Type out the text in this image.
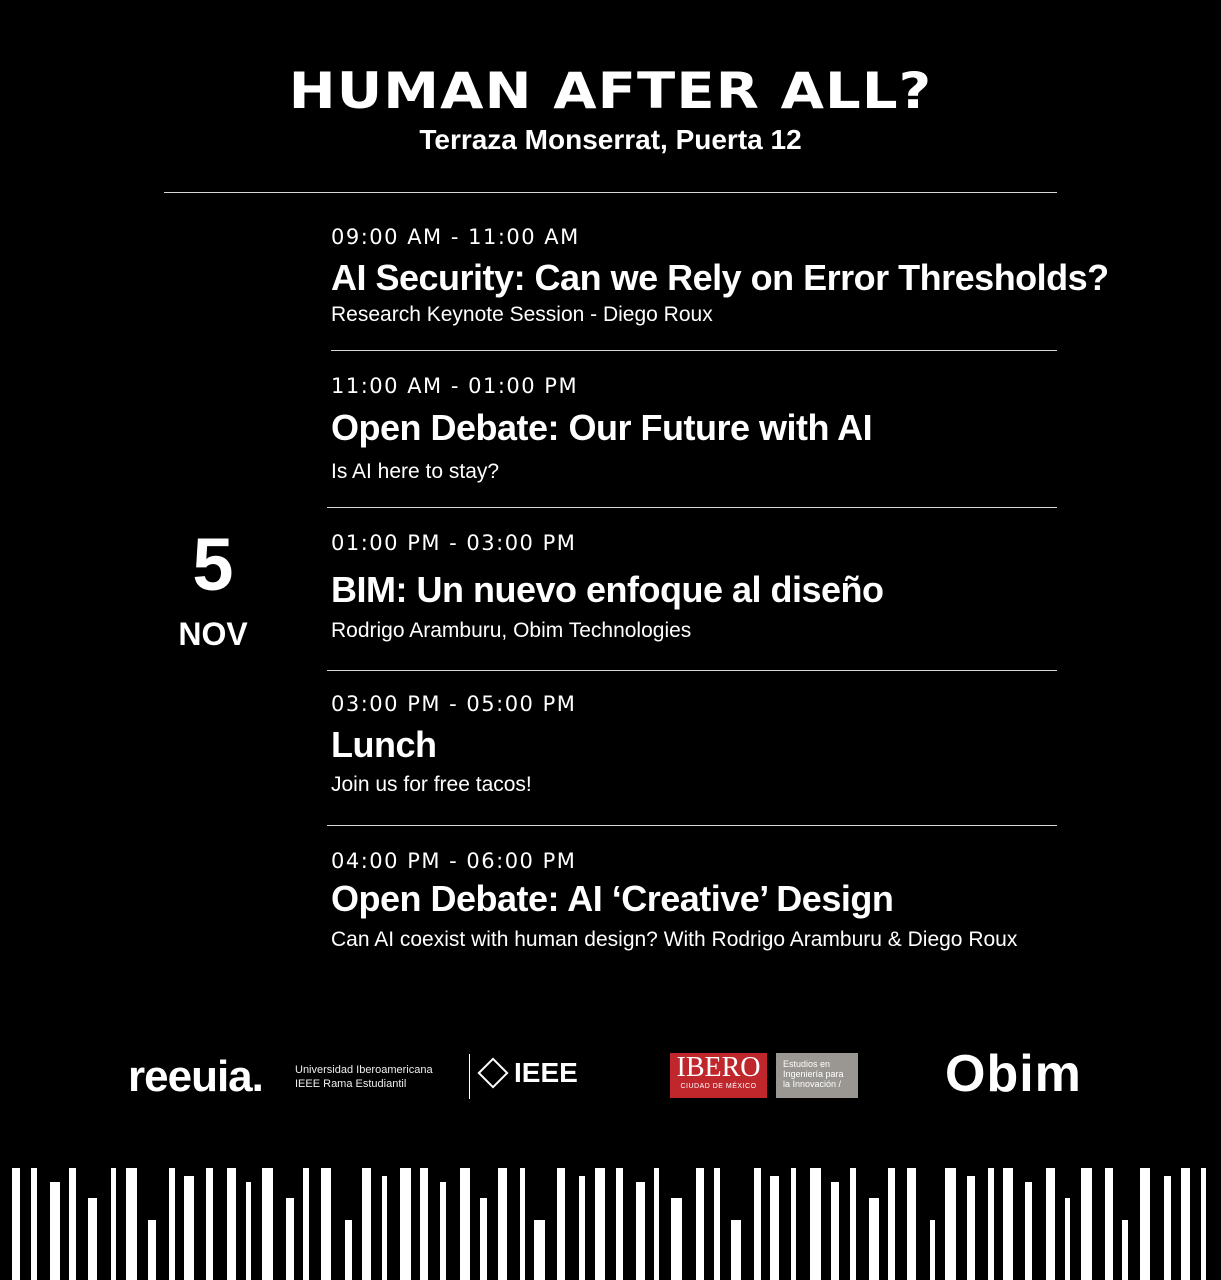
HUMAN AFTER ALL?
Terraza Monserrat, Puerta 12
5
NOV
09:00 AM - 11:00 AM
AI Security: Can we Rely on Error Thresholds?
Research Keynote Session - Diego Roux
11:00 AM - 01:00 PM
Open Debate: Our Future with AI
Is AI here to stay?
01:00 PM - 03:00 PM
BIM: Un nuevo enfoque al diseño
Rodrigo Aramburu, Obim Technologies
03:00 PM - 05:00 PM
Lunch
Join us for free tacos!
04:00 PM - 06:00 PM
Open Debate: AI ‘Creative’ Design
Can AI coexist with human design? With Rodrigo Aramburu & Diego Roux
reeuia.	Universidad Iberoamericana
IEEE Rama Estudiantil	IEEE	IBERO
CIUDAD DE MÉXICO
Estudios en
Ingeniería para
la Innovación / Obim
